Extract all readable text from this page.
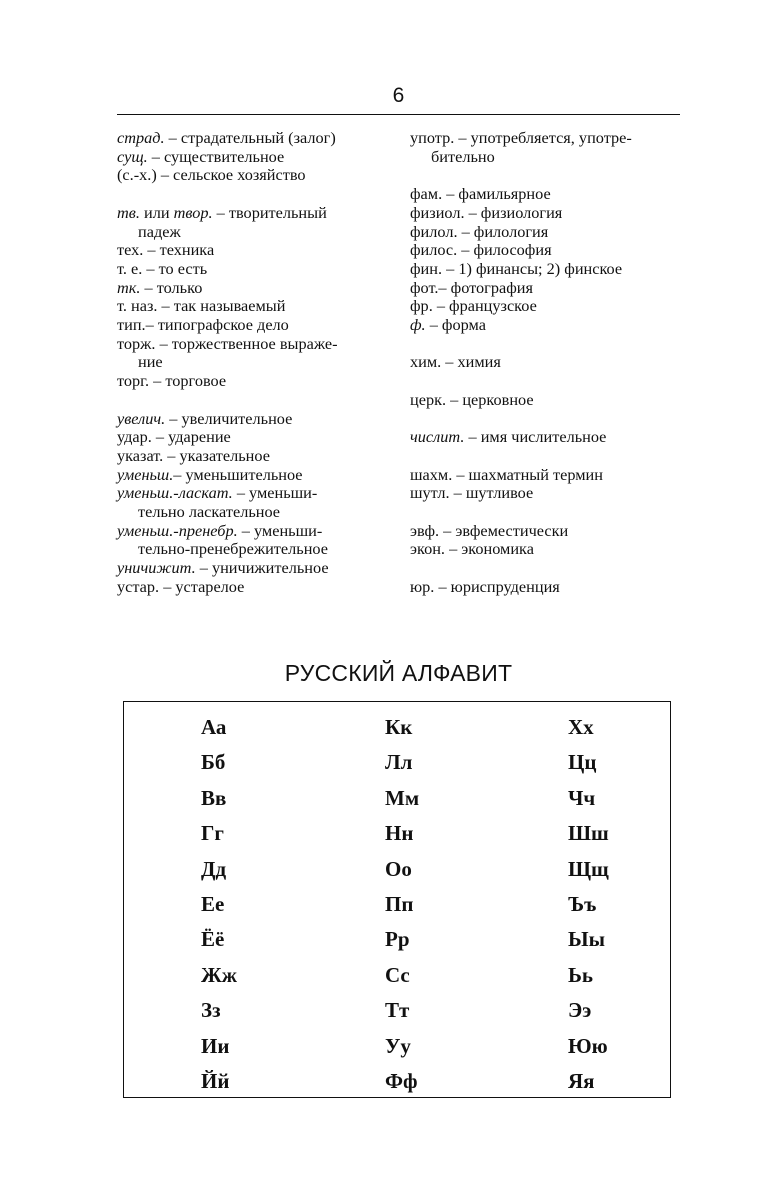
6
страд. – страдательный (залог)
сущ. – существительное
(с.-х.) – сельское хозяйство
тв. или твор. – творительный
падеж
тех. – техника
т. е. – то есть
тк. – только
т. наз. – так называемый
тип.– типографское дело
торж. – торжественное выраже-
ние
торг. – торговое
увелич. – увеличительное
удар. – ударение
указат. – указательное
уменьш.– уменьшительное
уменьш.-ласкат. – уменьши-
тельно ласкательное
уменьш.-пренебр. – уменьши-
тельно-пренебрежительное
уничижит. – уничижительное
устар. – устарелое
употр. – употребляется, употре-
бительно
фам. – фамильярное
физиол. – физиология
филол. – филология
филос. – философия
фин. – 1) финансы; 2) финское
фот.– фотография
фр. – французское
ф. – форма
хим. – химия
церк. – церковное
числит. – имя числительное
шахм. – шахматный термин
шутл. – шутливое
эвф. – эвфеместически
экон. – экономика
юр. – юриспруденция
РУССКИЙ АЛФАВИТ
Аа
Бб
Вв
Гг
Дд
Ее
Ёё
Жж
Зз
Ии
Йй
Кк
Лл
Мм
Нн
Оо
Пп
Рр
Сс
Тт
Уу
Фф
Хх
Цц
Чч
Шш
Щщ
Ъъ
Ыы
Ьь
Ээ
Юю
Яя
